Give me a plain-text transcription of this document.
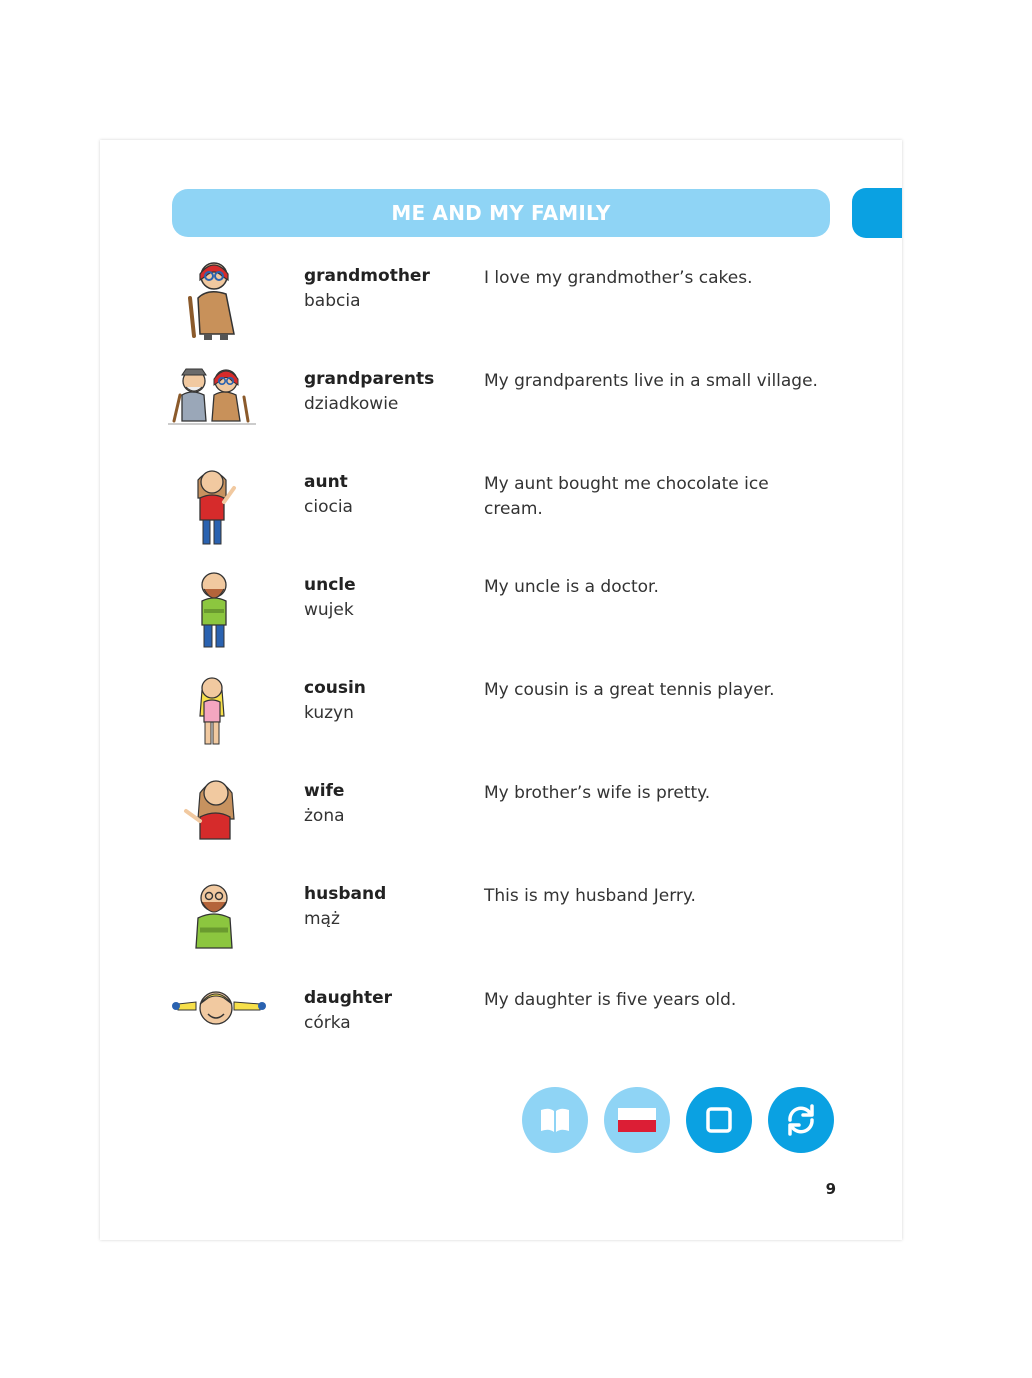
ME AND MY FAMILY
grandmother
babcia
I love my grandmother’s cakes.
grandparents
dziadkowie
My grandparents live in a small village.
aunt
ciocia
My aunt bought me chocolate ice cream.
uncle
wujek
My uncle is a doctor.
cousin
kuzyn
My cousin is a great tennis player.
wife
żona
My brother’s wife is pretty.
husband
mąż
This is my husband Jerry.
daughter
córka
My daughter is five years old.
9
